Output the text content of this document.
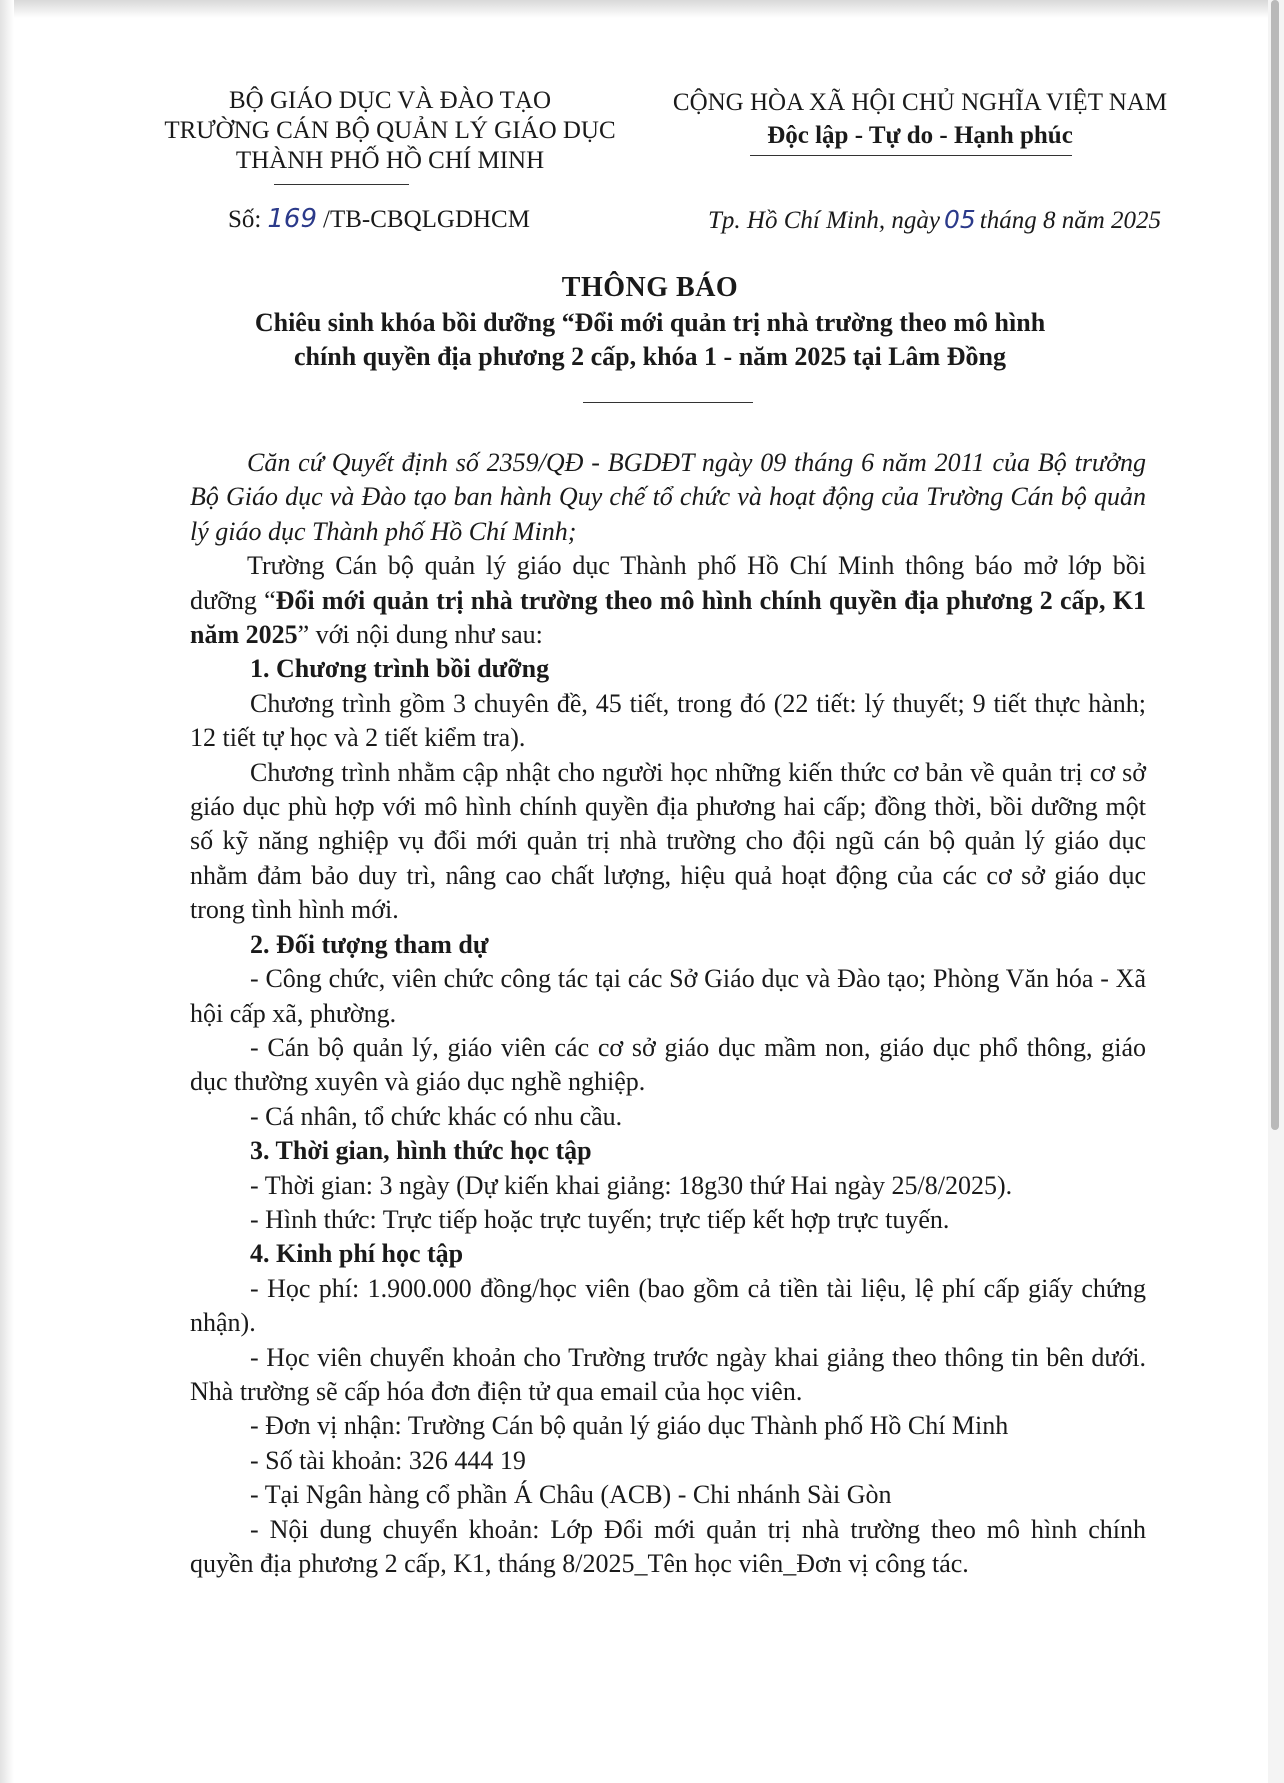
BỘ GIÁO DỤC VÀ ĐÀO TẠO
TRƯỜNG CÁN BỘ QUẢN LÝ GIÁO DỤC
THÀNH PHỐ HỒ CHÍ MINH
CỘNG HÒA XÃ HỘI CHỦ NGHĨA VIỆT NAM
Độc lập - Tự do - Hạnh phúc
Số: 169 /TB-CBQLGDHCM	Tp. Hồ Chí Minh, ngày 05 tháng 8 năm 2025
THÔNG BÁO
Chiêu sinh khóa bồi dưỡng “Đổi mới quản trị nhà trường theo mô hình
chính quyền địa phương 2 cấp, khóa 1 - năm 2025 tại Lâm Đồng

Căn cứ Quyết định số 2359/QĐ - BGDĐT ngày 09 tháng 6 năm 2011 của Bộ trưởng Bộ Giáo dục và Đào tạo ban hành Quy chế tổ chức và hoạt động của Trường Cán bộ quản lý giáo dục Thành phố Hồ Chí Minh;

Trường Cán bộ quản lý giáo dục Thành phố Hồ Chí Minh thông báo mở lớp bồi dưỡng “Đổi mới quản trị nhà trường theo mô hình chính quyền địa phương 2 cấp, K1 năm 2025” với nội dung như sau:

1. Chương trình bồi dưỡng

Chương trình gồm 3 chuyên đề, 45 tiết, trong đó (22 tiết: lý thuyết; 9 tiết thực hành; 12 tiết tự học và 2 tiết kiểm tra).

Chương trình nhằm cập nhật cho người học những kiến thức cơ bản về quản trị cơ sở giáo dục phù hợp với mô hình chính quyền địa phương hai cấp; đồng thời, bồi dưỡng một số kỹ năng nghiệp vụ đổi mới quản trị nhà trường cho đội ngũ cán bộ quản lý giáo dục nhằm đảm bảo duy trì, nâng cao chất lượng, hiệu quả hoạt động của các cơ sở giáo dục trong tình hình mới.

2. Đối tượng tham dự

- Công chức, viên chức công tác tại các Sở Giáo dục và Đào tạo; Phòng Văn hóa - Xã hội cấp xã, phường.

- Cán bộ quản lý, giáo viên các cơ sở giáo dục mầm non, giáo dục phổ thông, giáo dục thường xuyên và giáo dục nghề nghiệp.

- Cá nhân, tổ chức khác có nhu cầu.

3. Thời gian, hình thức học tập

- Thời gian: 3 ngày (Dự kiến khai giảng: 18g30 thứ Hai ngày 25/8/2025).

- Hình thức: Trực tiếp hoặc trực tuyến; trực tiếp kết hợp trực tuyến.

4. Kinh phí học tập

- Học phí: 1.900.000 đồng/học viên (bao gồm cả tiền tài liệu, lệ phí cấp giấy chứng nhận).

- Học viên chuyển khoản cho Trường trước ngày khai giảng theo thông tin bên dưới. Nhà trường sẽ cấp hóa đơn điện tử qua email của học viên.

- Đơn vị nhận: Trường Cán bộ quản lý giáo dục Thành phố Hồ Chí Minh

- Số tài khoản: 326 444 19

- Tại Ngân hàng cổ phần Á Châu (ACB) - Chi nhánh Sài Gòn

- Nội dung chuyển khoản: Lớp Đổi mới quản trị nhà trường theo mô hình chính quyền địa phương 2 cấp, K1, tháng 8/2025_Tên học viên_Đơn vị công tác.
